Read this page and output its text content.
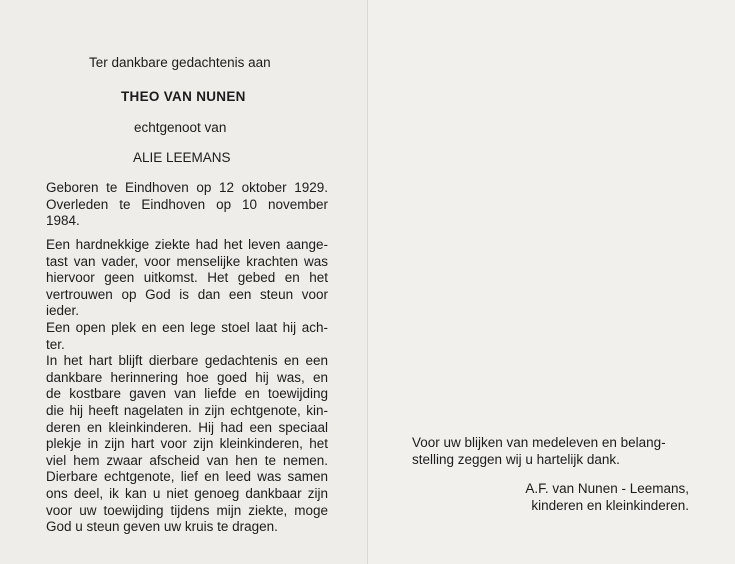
Ter dankbare gedachtenis aan
THEO VAN NUNEN
echtgenoot van
ALIE LEEMANS
Geboren te Eindhoven op 12 oktober 1929.
Overleden te Eindhoven op 10 november
1984.
Een hardnekkige ziekte had het leven aange-
tast van vader, voor menselijke krachten was
hiervoor geen uitkomst. Het gebed en het
vertrouwen op God is dan een steun voor
ieder.
Een open plek en een lege stoel laat hij ach-
ter.
In het hart blijft dierbare gedachtenis en een
dankbare herinnering hoe goed hij was, en
de kostbare gaven van liefde en toewijding
die hij heeft nagelaten in zijn echtgenote, kin-
deren en kleinkinderen. Hij had een speciaal
plekje in zijn hart voor zijn kleinkinderen, het
viel hem zwaar afscheid van hen te nemen.
Dierbare echtgenote, lief en leed was samen
ons deel, ik kan u niet genoeg dankbaar zijn
voor uw toewijding tijdens mijn ziekte, moge
God u steun geven uw kruis te dragen.
Voor uw blijken van medeleven en belang-
stelling zeggen wij u hartelijk dank.
A.F. van Nunen - Leemans,
kinderen en kleinkinderen.
